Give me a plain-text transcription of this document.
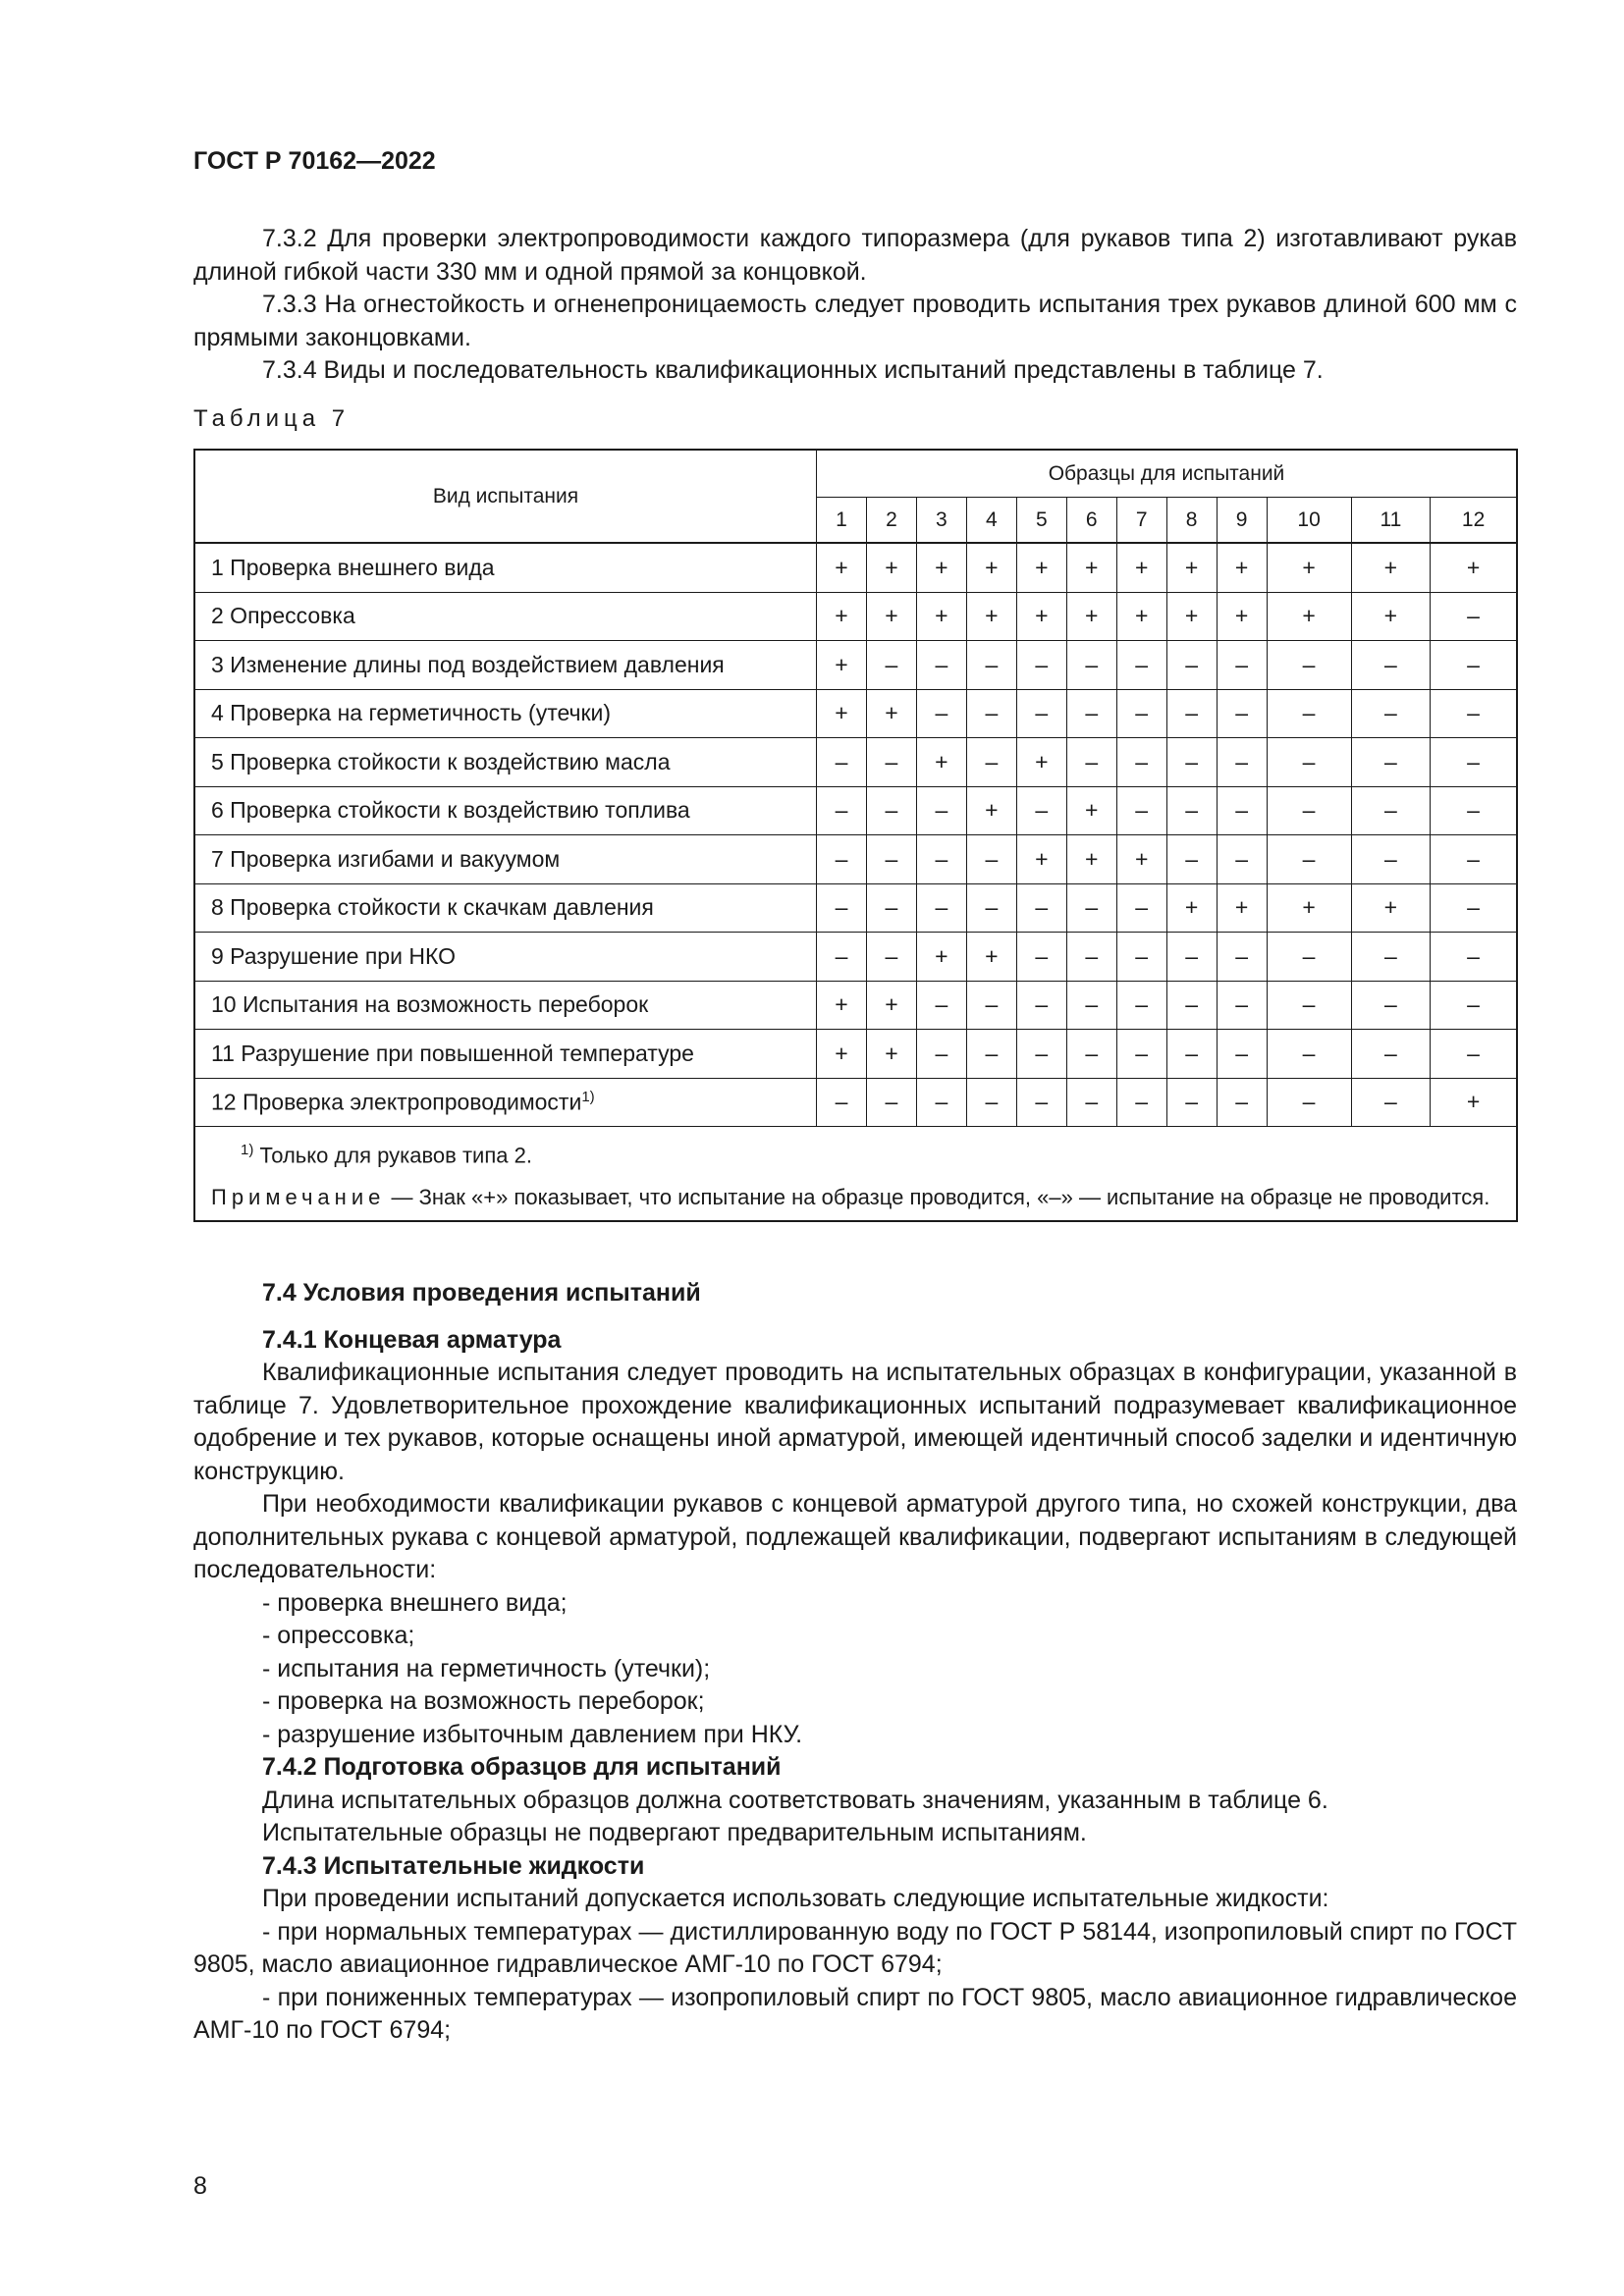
ГОСТ Р 70162—2022

7.3.2 Для проверки электропроводимости каждого типоразмера (для рукавов типа 2) изготавливают рукав длиной гибкой части 330 мм и одной прямой за концовкой.

7.3.3 На огнестойкость и огненепроницаемость следует проводить испытания трех рукавов длиной 600 мм с прямыми законцовками.

7.3.4 Виды и последовательность квалификационных испытаний представлены в таблице 7.

Таблица 7
Вид испытания	Образцы для испытаний											
	1	2	3	4	5	6	7	8	9	10	11	12
1 Проверка внешнего вида	+	+	+	+	+	+	+	+	+	+	+	+
2 Опрессовка	+	+	+	+	+	+	+	+	+	+	+	–
3 Изменение длины под воздействием давления	+	–	–	–	–	–	–	–	–	–	–	–
4 Проверка на герметичность (утечки)	+	+	–	–	–	–	–	–	–	–	–	–
5 Проверка стойкости к воздействию масла	–	–	+	–	+	–	–	–	–	–	–	–
6 Проверка стойкости к воздействию топлива	–	–	–	+	–	+	–	–	–	–	–	–
7 Проверка изгибами и вакуумом	–	–	–	–	+	+	+	–	–	–	–	–
8 Проверка стойкости к скачкам давления	–	–	–	–	–	–	–	+	+	+	+	–
9 Разрушение при НКО	–	–	+	+	–	–	–	–	–	–	–	–
10 Испытания на возможность переборок	+	+	–	–	–	–	–	–	–	–	–	–
11 Разрушение при повышенной температуре	+	+	–	–	–	–	–	–	–	–	–	–
12 Проверка электропроводимости$^{1)}$	–	–	–	–	–	–	–	–	–	–	–	+

$^{1)}$ Только для рукавов типа 2.
Примечание — Знак «+» показывает, что испытание на образце проводится, «–» — испытание на образце не проводится.												

7.4 Условия проведения испытаний

7.4.1 Концевая арматура

Квалификационные испытания следует проводить на испытательных образцах в конфигурации, указанной в таблице 7. Удовлетворительное прохождение квалификационных испытаний подразумевает квалификационное одобрение и тех рукавов, которые оснащены иной арматурой, имеющей идентичный способ заделки и идентичную конструкцию.

При необходимости квалификации рукавов с концевой арматурой другого типа, но схожей конструкции, два дополнительных рукава с концевой арматурой, подлежащей квалификации, подвергают испытаниям в следующей последовательности:

- проверка внешнего вида;
- опрессовка;
- испытания на герметичность (утечки);
- проверка на возможность переборок;
- разрушение избыточным давлением при НКУ.

7.4.2 Подготовка образцов для испытаний

Длина испытательных образцов должна соответствовать значениям, указанным в таблице 6.

Испытательные образцы не подвергают предварительным испытаниям.

7.4.3 Испытательные жидкости

При проведении испытаний допускается использовать следующие испытательные жидкости:

- при нормальных температурах — дистиллированную воду по ГОСТ Р 58144, изопропиловый спирт по ГОСТ 9805, масло авиационное гидравлическое АМГ-10 по ГОСТ 6794;

- при пониженных температурах — изопропиловый спирт по ГОСТ 9805, масло авиационное гидравлическое АМГ-10 по ГОСТ 6794;

8
